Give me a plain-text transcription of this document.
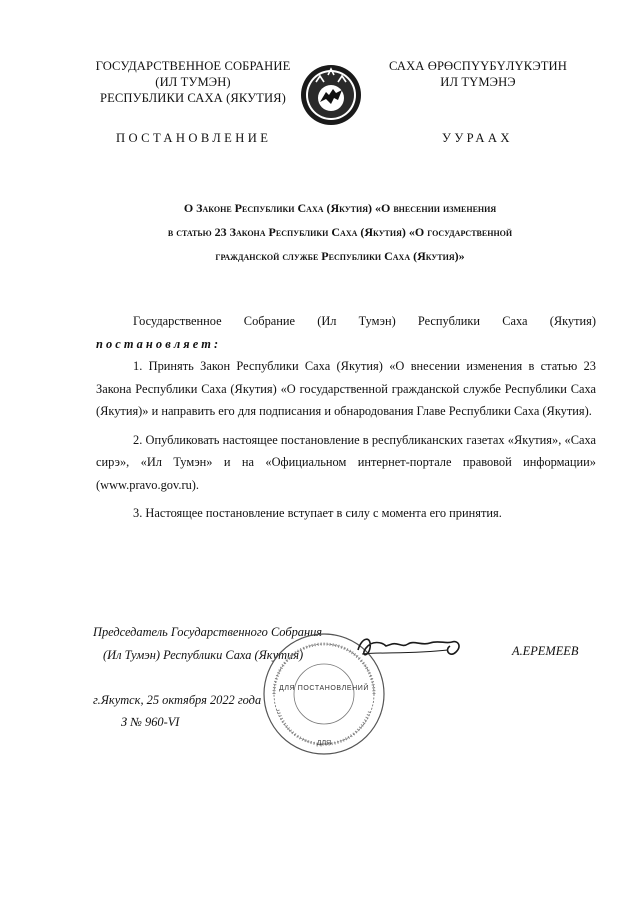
ГОСУДАРСТВЕННОЕ СОБРАНИЕ
(ИЛ ТУМЭН)
РЕСПУБЛИКИ САХА (ЯКУТИЯ)
САХА ӨРӨСПҮҮБҮЛҮКЭТИН
ИЛ ТҮМЭНЭ
ПОСТАНОВЛЕНИЕ	УУРААХ
О Законе Республики Саха (Якутия) «О внесении изменения
в статью 23 Закона Республики Саха (Якутия) «О государственной
гражданской службе Республики Саха (Якутия)»

Государственное Собрание (Ил Тумэн) Республики Саха (Якутия)

постановляет:

1. Принять Закон Республики Саха (Якутия) «О внесении изменения в статью 23 Закона Республики Саха (Якутия) «О государственной гражданской службе Республики Саха (Якутия)» и направить его для подписания и обнародования Главе Республики Саха (Якутия).

2. Опубликовать настоящее постановление в республиканских газетах «Якутия», «Саха сирэ», «Ил Тумэн» и на «Официальном интернет-портале правовой информации» (www.pravo.gov.ru).

3. Настоящее постановление вступает в силу с момента его принятия.

Председатель Государственного Собрания
(Ил Тумэн) Республики Саха (Якутия)
ДЛЯ ПОСТАНОВЛЕНИЙ
ДЛЯ
А.ЕРЕМЕЕВ
г.Якутск, 25 октября 2022 года
З № 960-VI
